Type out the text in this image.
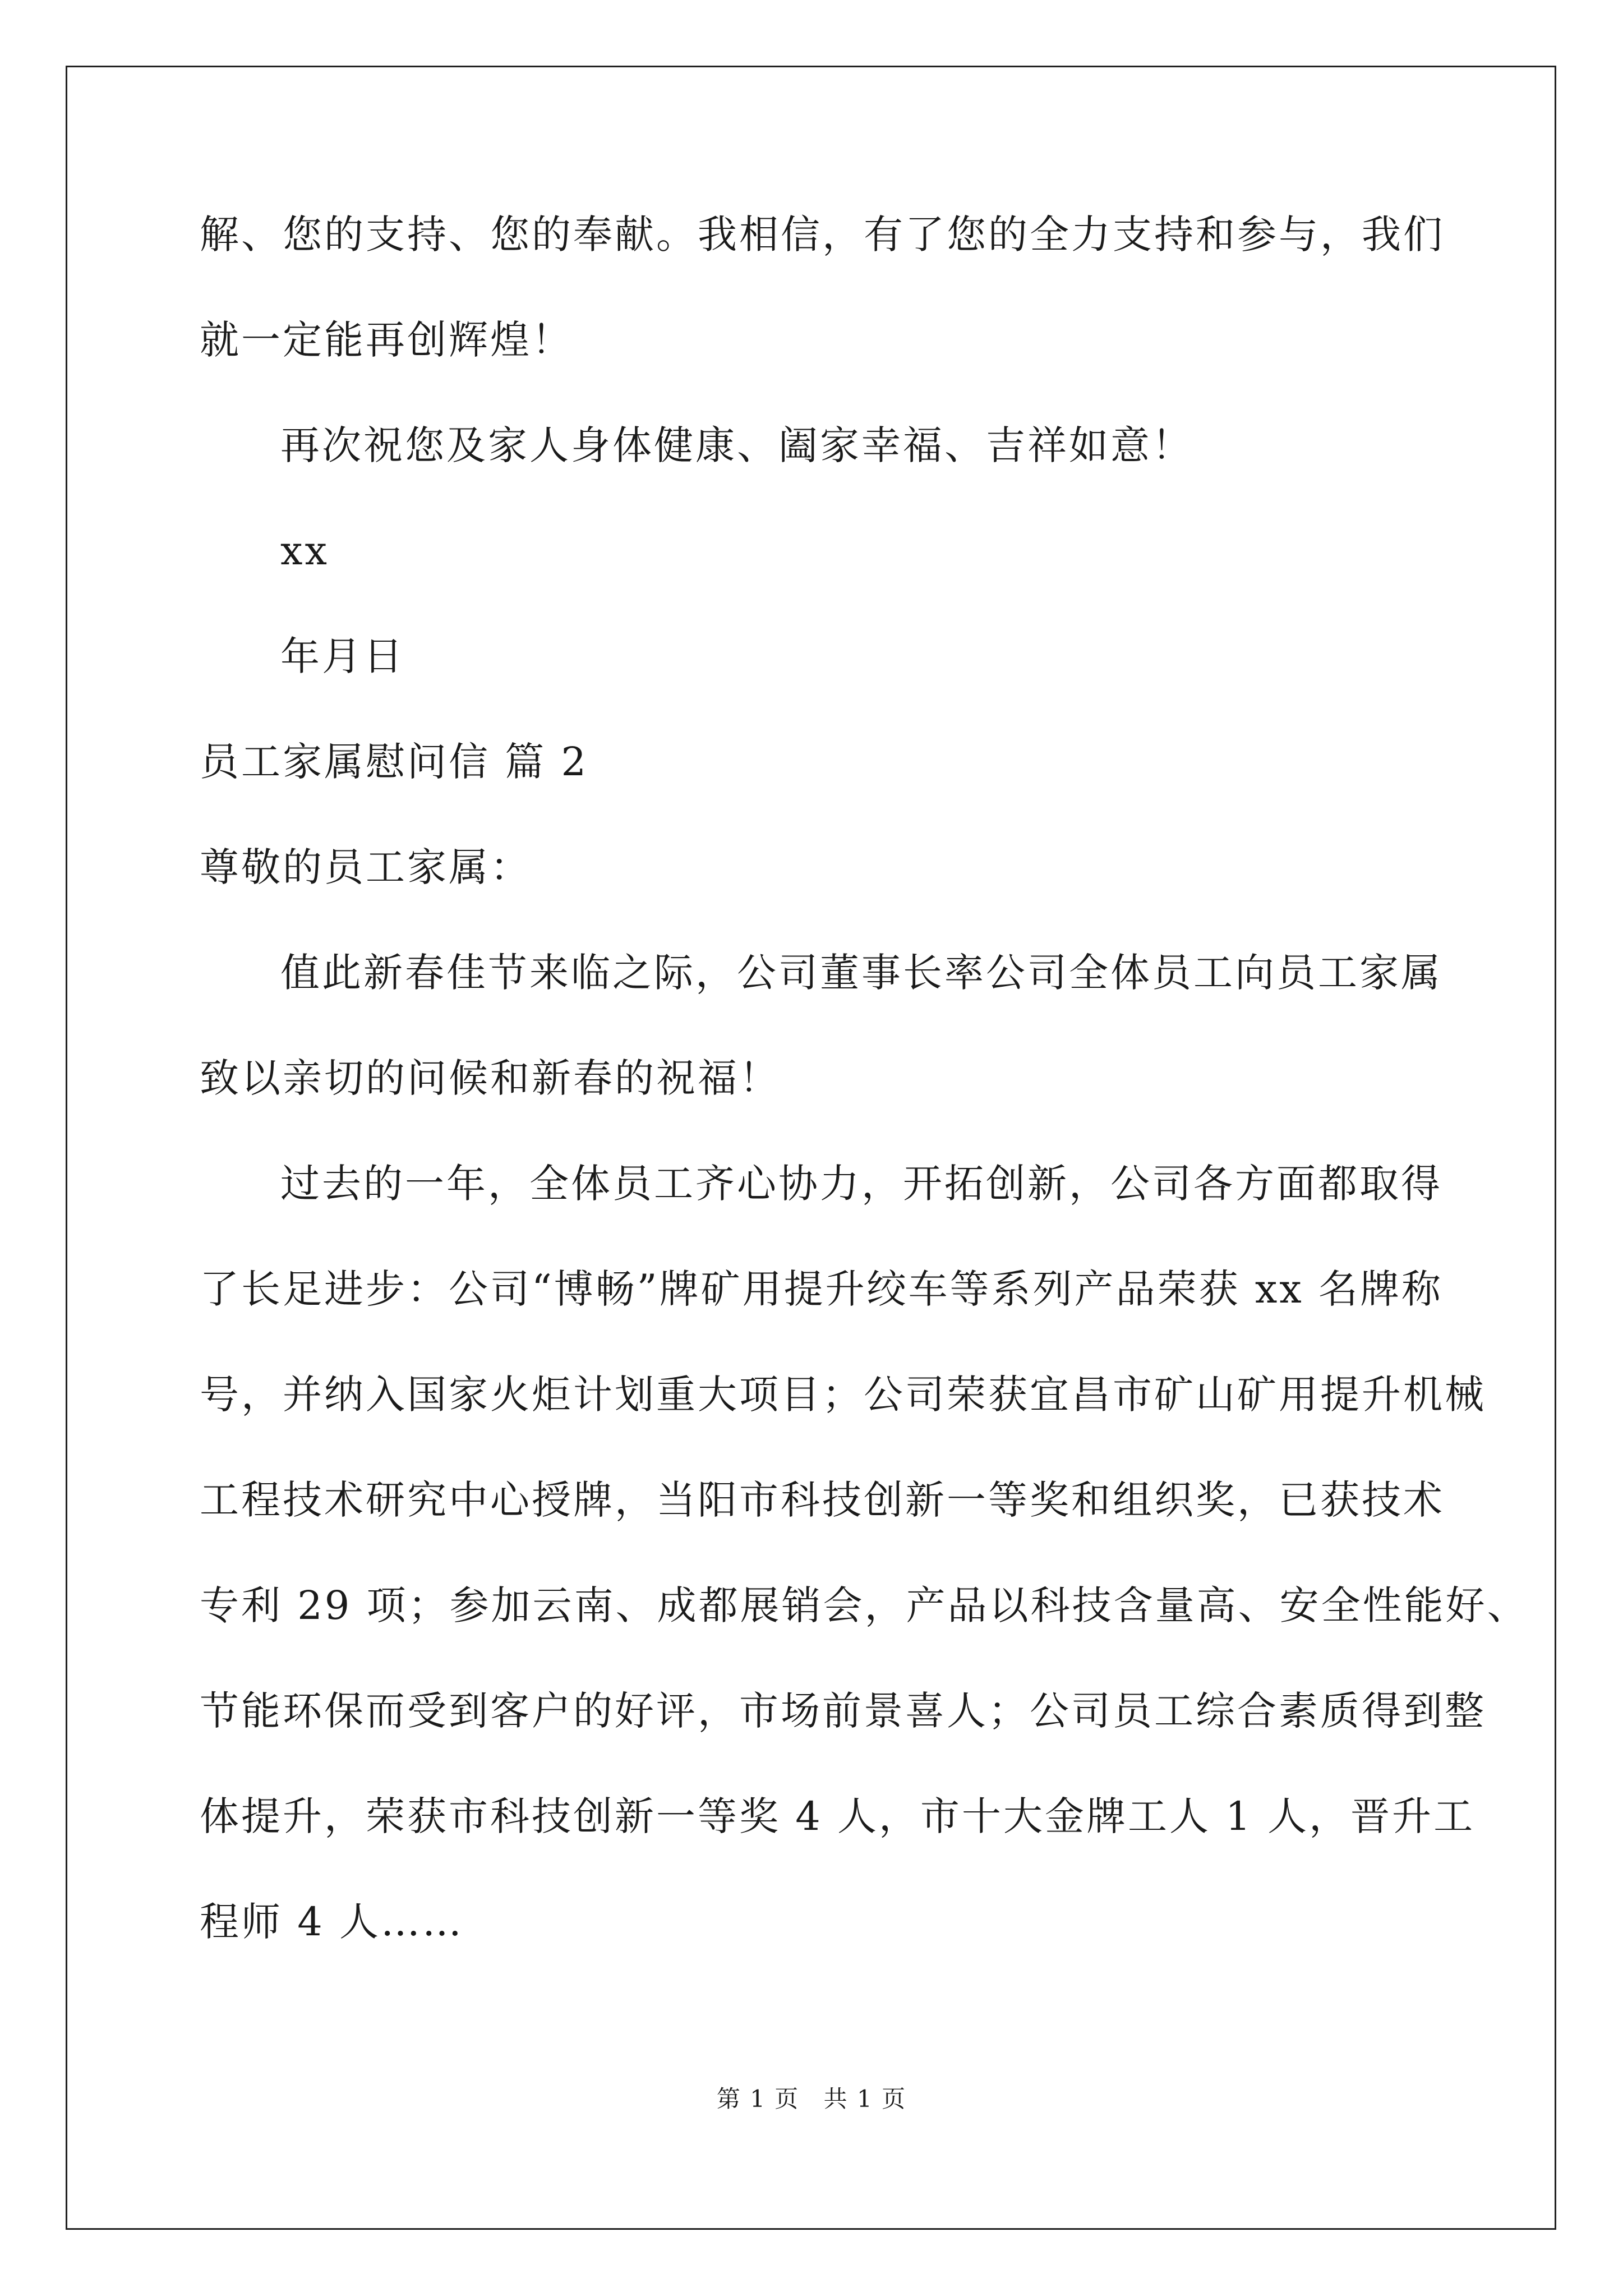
解、您的支持、您的奉献。我相信，有了您的全力支持和参与，我们
就一定能再创辉煌！
再次祝您及家人身体健康、阖家幸福、吉祥如意！
xx
年月日
员工家属慰问信 篇 2
尊敬的员工家属：
值此新春佳节来临之际，公司董事长率公司全体员工向员工家属
致以亲切的问候和新春的祝福！
过去的一年，全体员工齐心协力，开拓创新，公司各方面都取得
了长足进步：公司“博畅”牌矿用提升绞车等系列产品荣获 xx 名牌称
号，并纳入国家火炬计划重大项目；公司荣获宜昌市矿山矿用提升机械
工程技术研究中心授牌，当阳市科技创新一等奖和组织奖，已获技术
专利 29 项；参加云南、成都展销会，产品以科技含量高、安全性能好、
节能环保而受到客户的好评，市场前景喜人；公司员工综合素质得到整
体提升，荣获市科技创新一等奖 4 人，市十大金牌工人 1 人，晋升工
程师 4 人……
第 1 页 共 1 页
